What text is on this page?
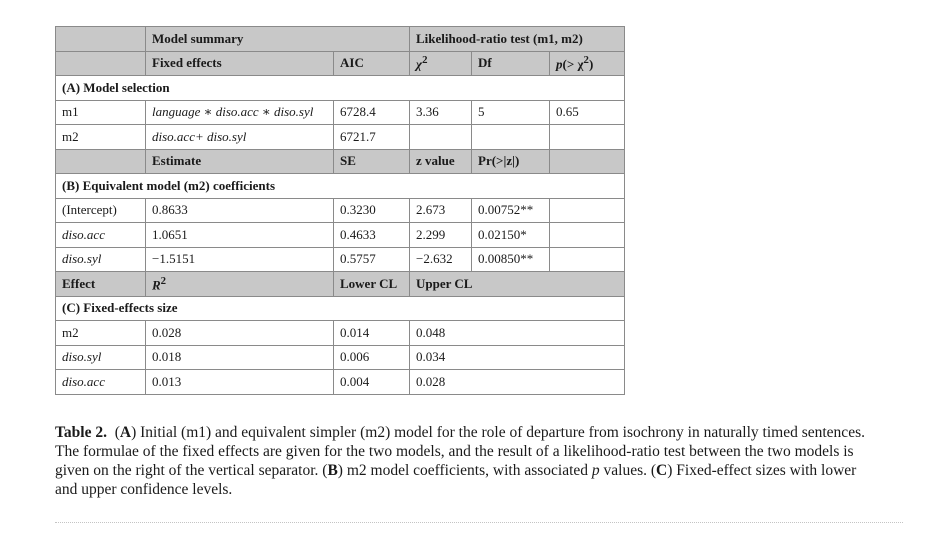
	Model summary		Likelihood-ratio test (m1, m2)		
	Fixed effects	AIC	$\chi^2$	Df	$p(> \chi^2)$
(A) Model selection					
m1	language ∗ diso.acc ∗ diso.syl	6728.4	3.36	5	0.65
m2	diso.acc+ diso.syl	6721.7			
	Estimate	SE	z value	Pr(>|z|)	
(B) Equivalent model (m2) coefficients					
(Intercept)	0.8633	0.3230	2.673	0.00752**	
diso.acc	1.0651	0.4633	2.299	0.02150*	
diso.syl	−1.5151	0.5757	−2.632	0.00850**	
Effect	$R^2$	Lower CL	Upper CL		
(C) Fixed-effects size					
m2	0.028	0.014	0.048		
diso.syl	0.018	0.006	0.034		
diso.acc	0.013	0.004	0.028		
Table 2.  (A) Initial (m1) and equivalent simpler (m2) model for the role of departure from isochrony in naturally timed sentences. The formulae of the fixed effects are given for the two models, and the result of a likelihood-ratio test between the two models is given on the right of the vertical separator. (B) m2 model coefficients, with associated p values. (C) Fixed-effect sizes with lower and upper confidence levels.
